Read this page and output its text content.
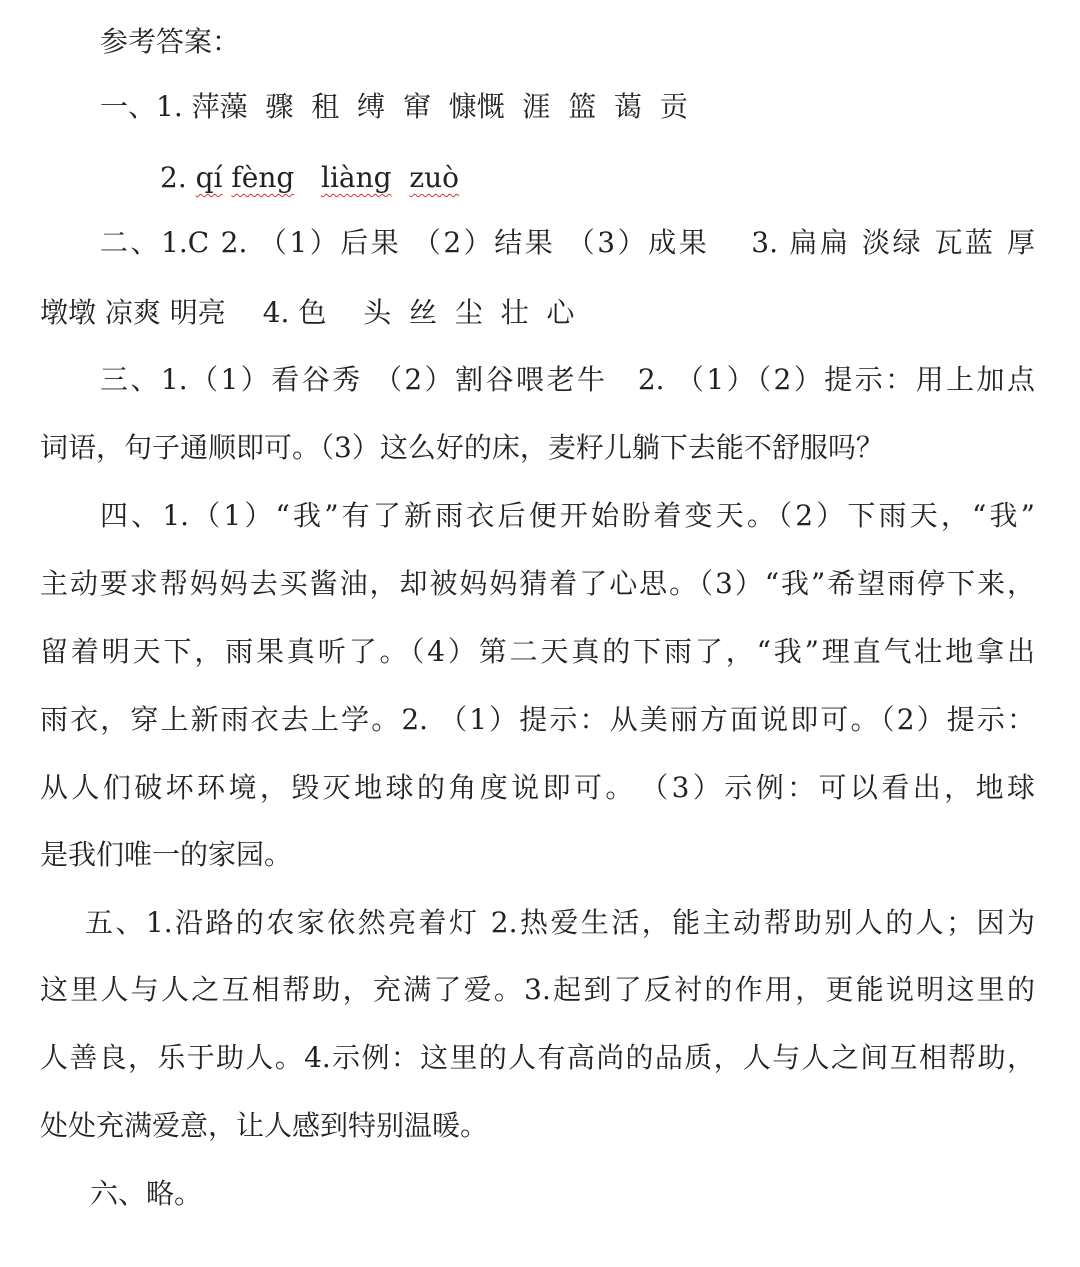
参考答案：
一、1. 萍藻  骤  租  缚  窜  慷慨  涯  篮  蔼  贡
2. qí fèng liàng zuò
二、1.C 2. （1）后果 （2）结果 （3）成果　 3. 扁扁 淡绿 瓦蓝 厚
墩墩 凉爽 明亮　 4. 色　 头  丝  尘  壮  心
三、1.（1）看谷秀 （2）割谷喂老牛　2. （1）（2）提示：用上加点
词语，句子通顺即可。（3）这么好的床，麦籽儿躺下去能不舒服吗？
四、1.（1）“我”有了新雨衣后便开始盼着变天。（2）下雨天，“我”
主动要求帮妈妈去买酱油，却被妈妈猜着了心思。（3）“我”希望雨停下来，
留着明天下，雨果真听了。（4）第二天真的下雨了，“我”理直气壮地拿出
雨衣，穿上新雨衣去上学。2. （1）提示：从美丽方面说即可。（2）提示：
从人们破坏环境，毁灭地球的角度说即可。　（3）示例：可以看出，地球
是我们唯一的家园。
五、1.沿路的农家依然亮着灯 2.热爱生活，能主动帮助别人的人；因为
这里人与人之互相帮助，充满了爱。3.起到了反衬的作用，更能说明这里的
人善良，乐于助人。4.示例：这里的人有高尚的品质，人与人之间互相帮助，
处处充满爱意，让人感到特别温暖。
六、略。
